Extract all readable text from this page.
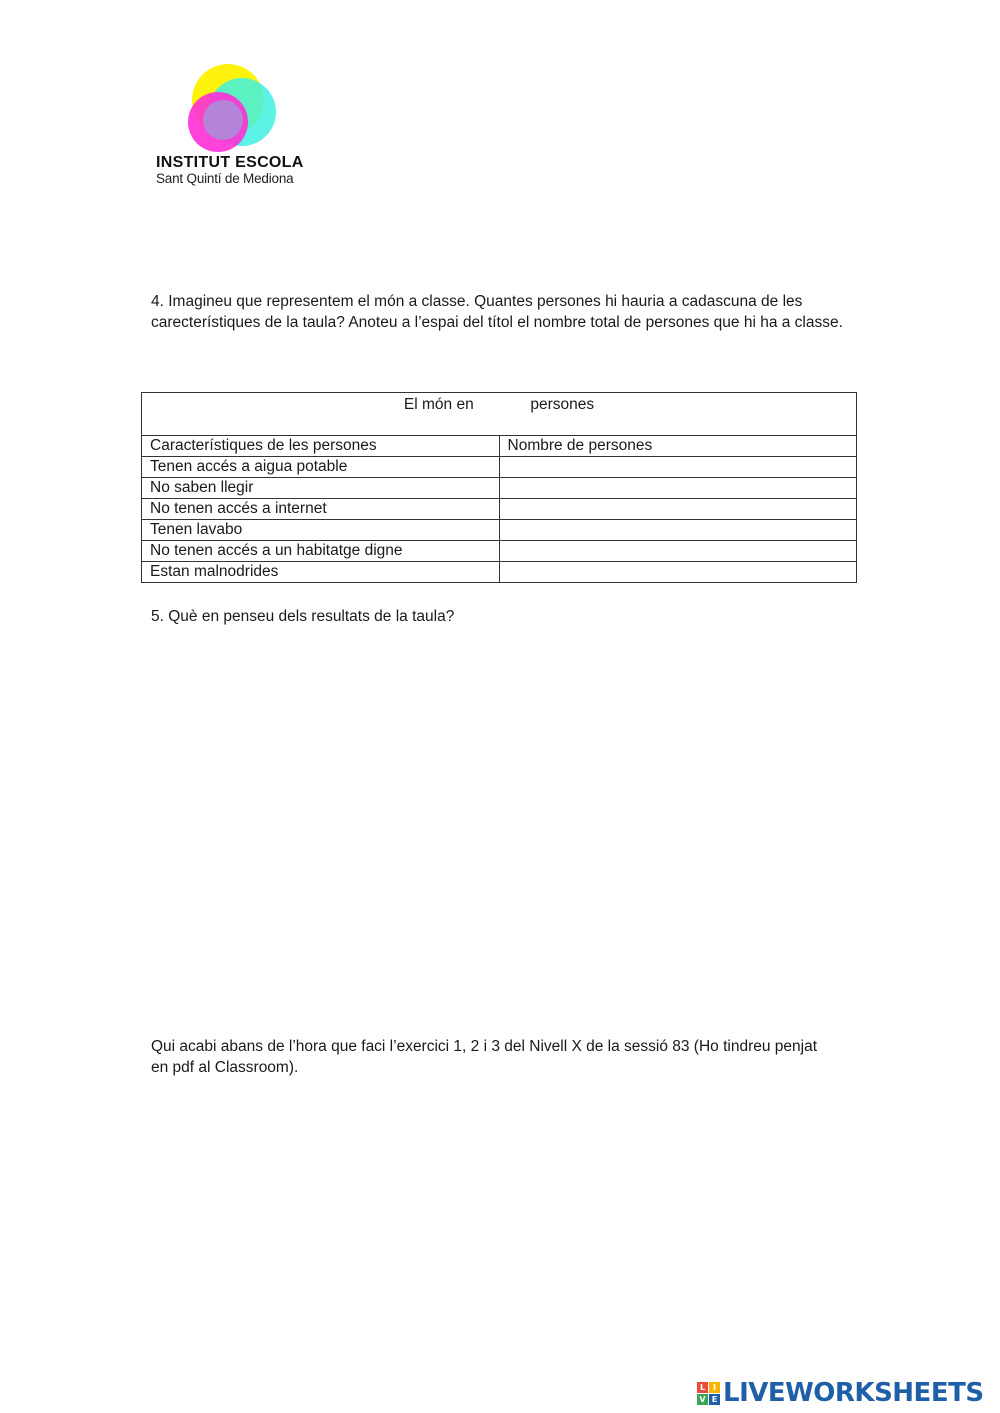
INSTITUT ESCOLA
Sant Quintí de Mediona
4. Imagineu que representem el món a classe. Quantes persones hi hauria a cadascuna de les carecterístiques de la taula? Anoteu a l’espai del títol el nombre total de persones que hi ha a classe.
El món en persones	
Característiques de les persones	Nombre de persones
Tenen accés a aigua potable	
No saben llegir	
No tenen accés a internet	
Tenen lavabo	
No tenen accés a un habitatge digne	
Estan malnodrides	
5. Què en penseu dels resultats de la taula?
Qui acabi abans de l’hora que faci l’exercici 1, 2 i 3 del Nivell X de la sessió 83 (Ho tindreu penjat en pdf al Classroom).
L I
V E LIVEWORKSHEETS
